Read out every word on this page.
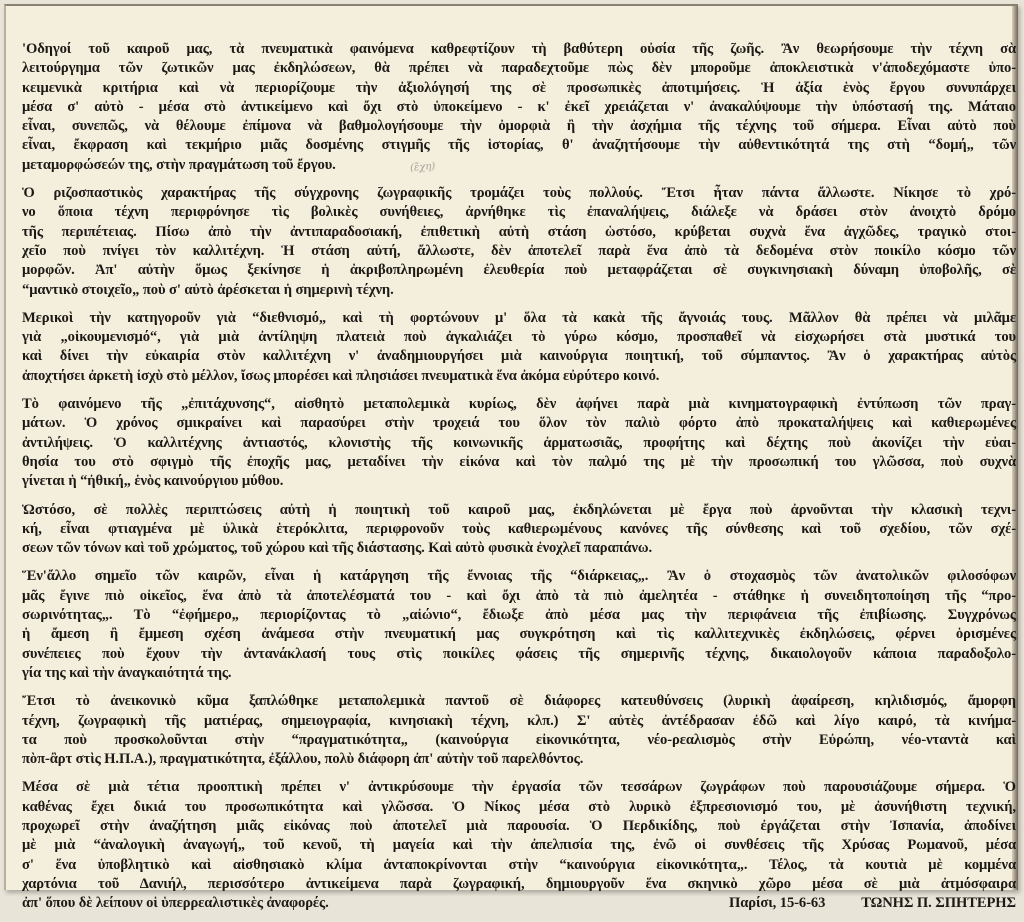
(ἔχη)
'Οδηγοί τοῦ καιροῦ μας, τὰ πνευματικὰ φαινόμενα καθρεφτίζουν τὴ βαθύτερη οὐσία τῆς ζωῆς. Ἂν θεωρήσουμε τὴν τέχνη σὰ
λειτούργημα τῶν ζωτικῶν μας ἐκδηλώσεων, θὰ πρέπει νὰ παραδεχτοῦμε πὼς δὲν μποροῦμε ἀποκλειστικὰ ν'ἀποδεχόμαστε ὑπο-
κειμενικὰ κριτήρια καὶ νὰ περιορίζουμε τὴν ἀξιολόγησή της σὲ προσωπικὲς ἀποτιμήσεις. Ἡ ἀξία ἑνὸς ἔργου συνυπάρχει
μέσα σ' αὐτὸ - μέσα στὸ ἀντικείμενο καὶ ὄχι στὸ ὑποκείμενο - κ' ἐκεῖ χρειάζεται ν' ἀνακαλύψουμε τὴν ὑπόστασή της. Μάταιο
εἶναι, συνεπῶς, νὰ θέλουμε ἐπίμονα νὰ βαθμολογήσουμε τὴν ὀμορφιὰ ἢ τὴν ἀσχήμια τῆς τέχνης τοῦ σήμερα. Εἶναι αὐτὸ ποὺ
εἶναι, ἔκφραση καὶ τεκμήριο μιᾶς δοσμένης στιγμῆς τῆς ἱστορίας, θ' ἀναζητήσουμε τὴν αὐθεντικότητά της στὴ “δομή„ τῶν
μεταμορφώσεών της, στὴν πραγμάτωση τοῦ ἔργου.
Ὁ ριζοσπαστικὸς χαρακτήρας τῆς σύγχρονης ζωγραφικῆς τρομάζει τοὺς πολλούς. Ἔτσι ἦταν πάντα ἄλλωστε. Νίκησε τὸ χρό-
νο ὅποια τέχνη περιφρόνησε τὶς βολικὲς συνήθειες, ἀρνήθηκε τὶς ἐπαναλήψεις, διάλεξε νὰ δράσει στὸν ἀνοιχτὸ δρόμο
τῆς περιπέτειας. Πίσω ἀπὸ τὴν ἀντιπαραδοσιακή, ἐπιθετικὴ αὐτὴ στάση ὡστόσο, κρύβεται συχνὰ ἕνα ἀγχῶδες, τραγικὸ στοι-
χεῖο ποὺ πνίγει τὸν καλλιτέχνη. Ἡ στάση αὐτή, ἄλλωστε, δὲν ἀποτελεῖ παρὰ ἕνα ἀπὸ τὰ δεδομένα στὸν ποικίλο κόσμο τῶν
μορφῶν. Ἀπ' αὐτὴν ὅμως ξεκίνησε ἡ ἀκριβοπληρωμένη ἐλευθερία ποὺ μεταφράζεται σὲ συγκινησιακὴ δύναμη ὑποβολῆς, σὲ
“μαντικὸ στοιχεῖο„ ποὺ σ' αὐτὸ ἀρέσκεται ἡ σημερινὴ τέχνη.
Μερικοὶ τὴν κατηγοροῦν γιὰ “διεθνισμό„ καὶ τὴ φορτώνουν μ' ὅλα τὰ κακὰ τῆς ἄγνοιάς τους. Μᾶλλον θὰ πρέπει νὰ μιλᾶμε
γιὰ „οἰκουμενισμό“, γιὰ μιὰ ἀντίληψη πλατειὰ ποὺ ἀγκαλιάζει τὸ γύρω κόσμο, προσπαθεῖ νὰ εἰσχωρήσει στὰ μυστικά του
καὶ δίνει τὴν εὐκαιρία στὸν καλλιτέχνη ν' ἀναδημιουργήσει μιὰ καινούργια ποιητική, τοῦ σύμπαντος. Ἂν ὁ χαρακτήρας αὐτὸς
ἀποχτήσει ἀρκετὴ ἰσχὺ στὸ μέλλον, ἴσως μπορέσει καὶ πλησιάσει πνευματικὰ ἕνα ἀκόμα εὐρύτερο κοινό.
Τὸ φαινόμενο τῆς „ἐπιτάχυνσης“, αἰσθητὸ μεταπολεμικὰ κυρίως, δὲν ἀφήνει παρὰ μιὰ κινηματογραφικὴ ἐντύπωση τῶν πραγ-
μάτων. Ὁ χρόνος σμικραίνει καὶ παρασύρει στὴν τροχειά του ὅλον τὸν παλιὸ φόρτο ἀπὸ προκαταλήψεις καὶ καθιερωμένες
ἀντιλήψεις. Ὁ καλλιτέχνης ἀντιαστός, κλονιστὴς τῆς κοινωνικῆς ἀρματωσιᾶς, προφήτης καὶ δέχτης ποὺ ἀκονίζει τὴν εὐαι-
θησία του στὸ σφιγμὸ τῆς ἐποχῆς μας, μεταδίνει τὴν εἰκόνα καὶ τὸν παλμό της μὲ τὴν προσωπική του γλῶσσα, ποὺ συχνὰ
γίνεται ἡ “ἠθική„ ἑνὸς καινούργιου μύθου.
Ὡστόσο, σὲ πολλὲς περιπτώσεις αὐτὴ ἡ ποιητικὴ τοῦ καιροῦ μας, ἐκδηλώνεται μὲ ἔργα ποὺ ἀρνοῦνται τὴν κλασικὴ τεχνι-
κή, εἶναι φτιαγμένα μὲ ὑλικὰ ἑτερόκλιτα, περιφρονοῦν τοὺς καθιερωμένους κανόνες τῆς σύνθεσης καὶ τοῦ σχεδίου, τῶν σχέ-
σεων τῶν τόνων καὶ τοῦ χρώματος, τοῦ χώρου καὶ τῆς διάστασης. Καὶ αὐτὸ φυσικὰ ἐνοχλεῖ παραπάνω.
Ἕν'ἄλλο σημεῖο τῶν καιρῶν, εἶναι ἡ κατάργηση τῆς ἔννοιας τῆς “διάρκειας„. Ἂν ὁ στοχασμὸς τῶν ἀνατολικῶν φιλοσόφων
μᾶς ἔγινε πιὸ οἰκεῖος, ἕνα ἀπὸ τὰ ἀποτελέσματά του - καὶ ὄχι ἀπὸ τὰ πιὸ ἀμελητέα - στάθηκε ἡ συνειδητοποίηση τῆς “προ-
σωρινότητας„. Τὸ “ἐφήμερο„ περιορίζοντας τὸ „αἰώνιο“, ἔδιωξε ἀπὸ μέσα μας τὴν περιφάνεια τῆς ἐπιβίωσης. Συγχρόνως
ἡ ἄμεση ἢ ἔμμεση σχέση ἀνάμεσα στὴν πνευματική μας συγκρότηση καὶ τὶς καλλιτεχνικὲς ἐκδηλώσεις, φέρνει ὁρισμένες
συνέπειες ποὺ ἔχουν τὴν ἀντανάκλασή τους στὶς ποικίλες φάσεις τῆς σημερινῆς τέχνης, δικαιολογοῦν κάποια παραδοξολο-
γία της καὶ τὴν ἀναγκαιότητά της.
Ἔτσι τὸ ἀνεικονικὸ κῦμα ξαπλώθηκε μεταπολεμικὰ παντοῦ σὲ διάφορες κατευθύνσεις (λυρικὴ ἀφαίρεση, κηλιδισμός, ἄμορφη
τέχνη, ζωγραφικὴ τῆς ματιέρας, σημειογραφία, κινησιακὴ τέχνη, κλπ.) Σ' αὐτὲς ἀντέδρασαν ἐδῶ καὶ λίγο καιρό, τὰ κινήμα-
τα ποὺ προσκολοῦνται στὴν “πραγματικότητα„ (καινούργια εἰκονικότητα, νέο-ρεαλισμὸς στὴν Εὐρώπη, νέο-νταντὰ καὶ
πὸπ-ἂρτ στὶς Η.Π.Α.), πραγματικότητα, ἐξάλλου, πολὺ διάφορη ἀπ' αὐτὴν τοῦ παρελθόντος.
Μέσα σὲ μιὰ τέτια προοπτικὴ πρέπει ν' ἀντικρύσουμε τὴν ἐργασία τῶν τεσσάρων ζωγράφων ποὺ παρουσιάζουμε σήμερα. Ὁ
καθένας ἔχει δικιά του προσωπικότητα καὶ γλῶσσα. Ὁ Νίκος μέσα στὸ λυρικὸ ἐξπρεσιονισμό του, μὲ ἀσυνήθιστη τεχνική,
προχωρεῖ στὴν ἀναζήτηση μιᾶς εἰκόνας ποὺ ἀποτελεῖ μιὰ παρουσία. Ὁ Περδικίδης, ποὺ ἐργάζεται στὴν Ἰσπανία, ἀποδίνει
μὲ μιὰ “ἀναλογικὴ ἀναγωγή„ τοῦ κενοῦ, τὴ μαγεία καὶ τὴν ἀπελπισία της, ἐνῶ οἱ συνθέσεις τῆς Χρύσας Ρωμανοῦ, μέσα
σ' ἕνα ὑποβλητικὸ καὶ αἰσθησιακὸ κλίμα ἀνταποκρίνονται στὴν “καινούργια εἰκονικότητα„. Τέλος, τὰ κουτιὰ μὲ κομμένα
χαρτόνια τοῦ Δανιήλ, περισσότερο ἀντικείμενα παρὰ ζωγραφική, δημιουργοῦν ἕνα σκηνικὸ χῶρο μέσα σὲ μιὰ ἀτμόσφαιρα
ἀπ' ὅπου δὲ λείπουν οἱ ὑπερρεαλιστικὲς ἀναφορές.	Παρίσι, 15-6-63 ΤΩΝΗΣ Π. ΣΠΗΤΕΡΗΣ
